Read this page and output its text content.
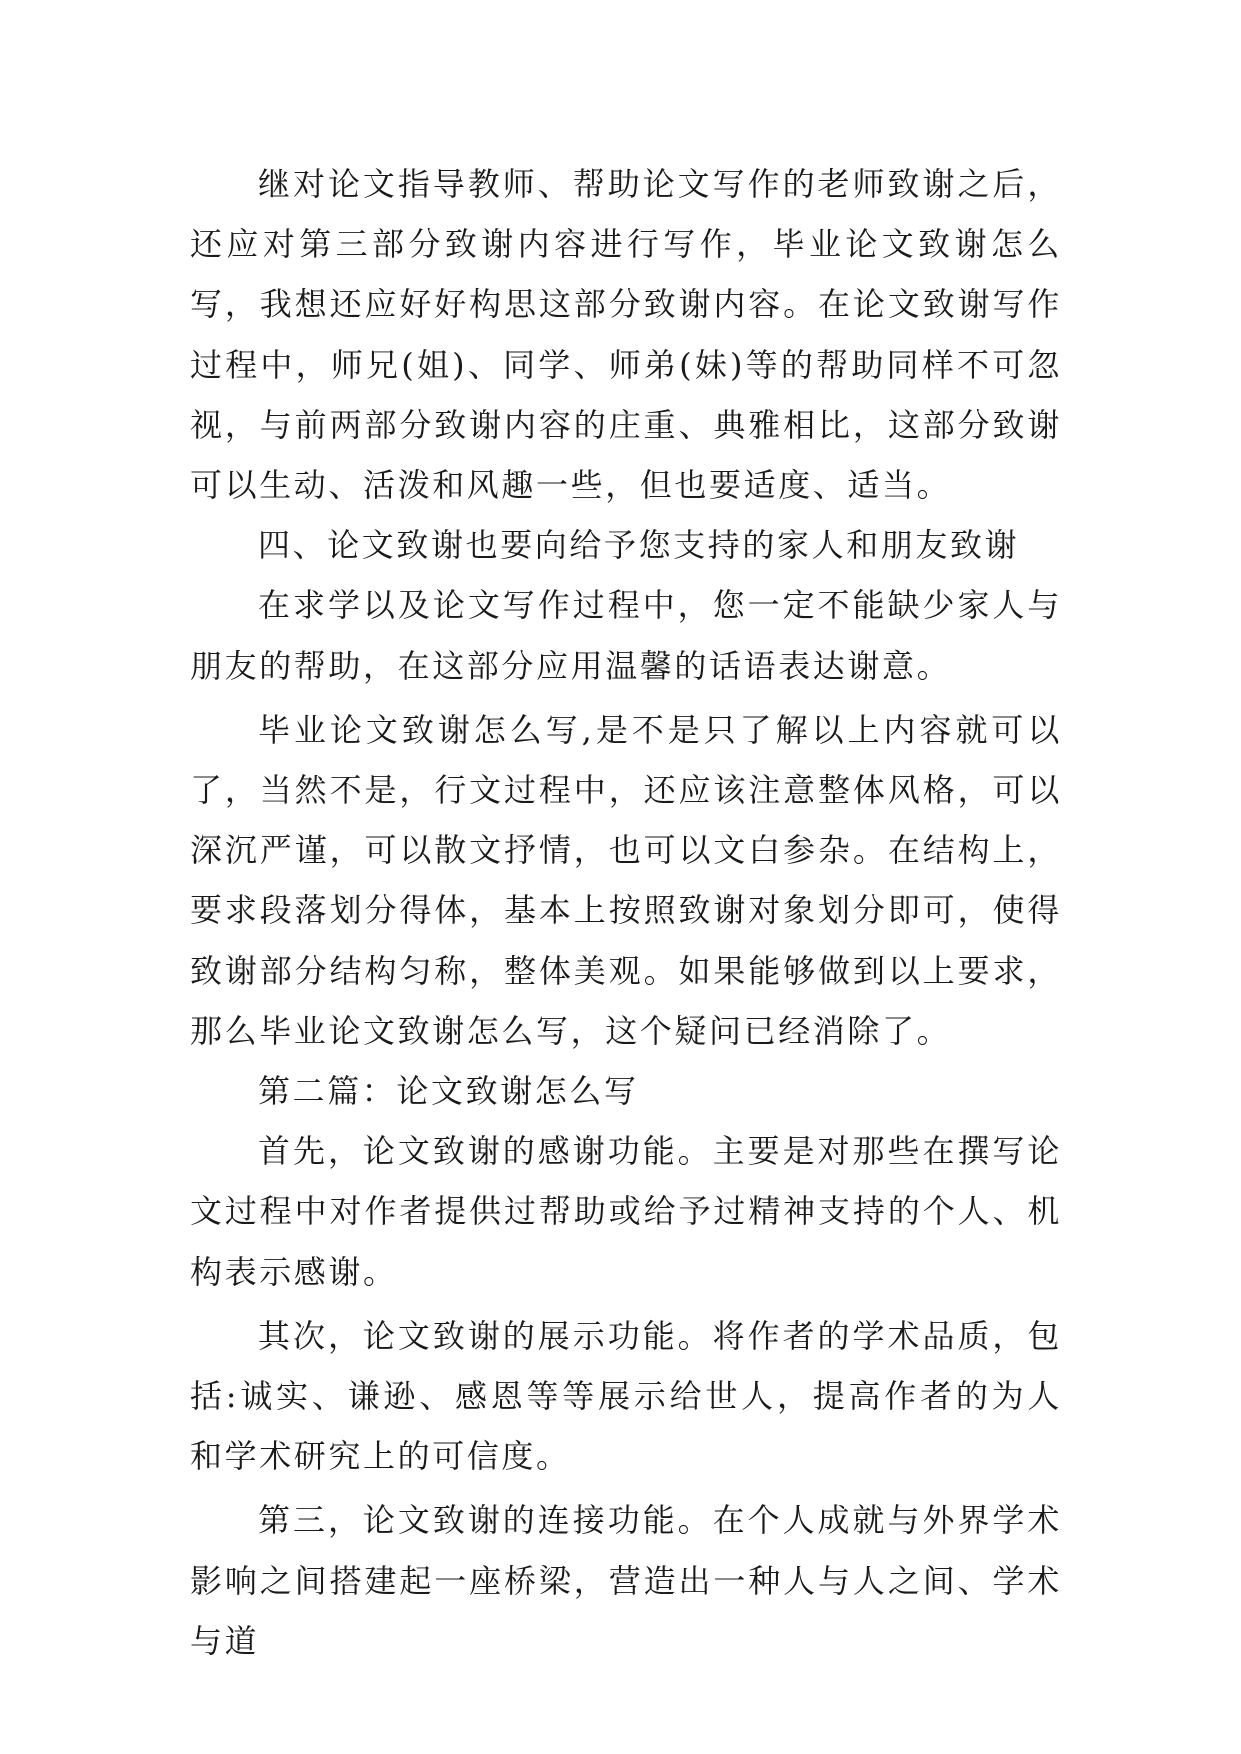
继对论文指导教师、帮助论文写作的老师致谢之后，还应对第三部分致谢内容进行写作，毕业论文致谢怎么写，我想还应好好构思这部分致谢内容。在论文致谢写作过程中，师兄(姐)、同学、师弟(妹)等的帮助同样不可忽视，与前两部分致谢内容的庄重、典雅相比，这部分致谢可以生动、活泼和风趣一些，但也要适度、适当。

四、论文致谢也要向给予您支持的家人和朋友致谢

在求学以及论文写作过程中，您一定不能缺少家人与朋友的帮助，在这部分应用温馨的话语表达谢意。

毕业论文致谢怎么写,是不是只了解以上内容就可以了，当然不是，行文过程中，还应该注意整体风格，可以深沉严谨，可以散文抒情，也可以文白参杂。在结构上，要求段落划分得体，基本上按照致谢对象划分即可，使得致谢部分结构匀称，整体美观。如果能够做到以上要求，那么毕业论文致谢怎么写，这个疑问已经消除了。

第二篇：论文致谢怎么写

首先，论文致谢的感谢功能。主要是对那些在撰写论文过程中对作者提供过帮助或给予过精神支持的个人、机构表示感谢。

其次，论文致谢的展示功能。将作者的学术品质，包括:诚实、谦逊、感恩等等展示给世人，提高作者的为人和学术研究上的可信度。

第三，论文致谢的连接功能。在个人成就与外界学术影响之间搭建起一座桥梁，营造出一种人与人之间、学术与道
